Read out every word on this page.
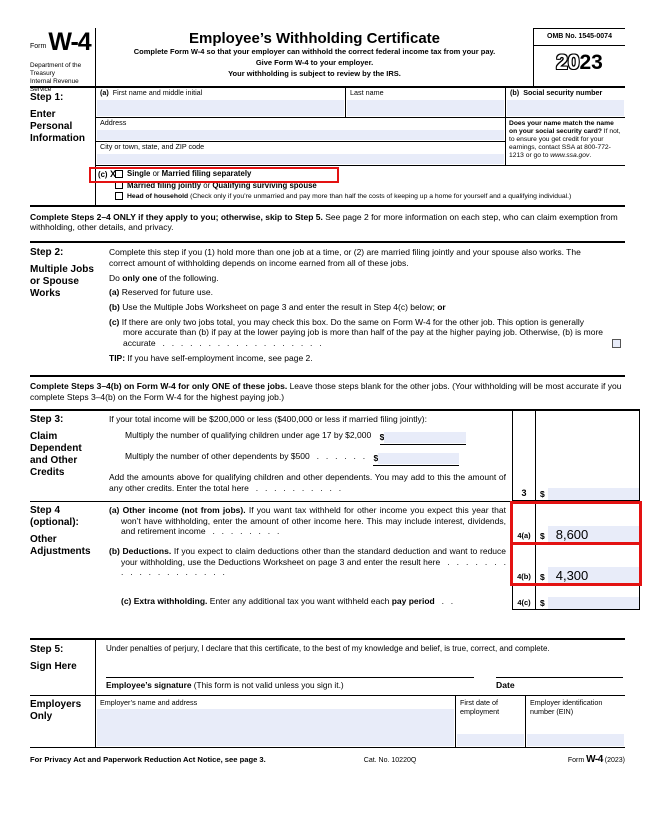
Form W-4
Department of the Treasury
Internal Revenue Service
Employee’s Withholding Certificate
Complete Form W-4 so that your employer can withhold the correct federal income tax from your pay.
Give Form W-4 to your employer.
Your withholding is subject to review by the IRS.
OMB No. 1545-0074
2023
Step 1:
Enter Personal Information
(a) First name and middle initial	Last name	(b) Social security number
Address
City or town, state, and ZIP code
Does your name match the name on your social security card? If not, to ensure you get credit for your earnings, contact SSA at 800-772-1213 or go to www.ssa.gov.
(c) X Single or Married filing separately
Married filing jointly or Qualifying surviving spouse
Head of household (Check only if you’re unmarried and pay more than half the costs of keeping up a home for yourself and a qualifying individual.)

Complete Steps 2–4 ONLY if they apply to you; otherwise, skip to Step 5. See page 2 for more information on each step, who can claim exemption from withholding, other details, and privacy.

Step 2:
Multiple Jobs or Spouse Works

Complete this step if you (1) hold more than one job at a time, or (2) are married filing jointly and your spouse also works. The correct amount of withholding depends on income earned from all of these jobs.

Do only one of the following.

(a) Reserved for future use.

(b) Use the Multiple Jobs Worksheet on page 3 and enter the result in Step 4(c) below; or

(c) If there are only two jobs total, you may check this box. Do the same on Form W-4 for the other job. This option is generally more accurate than (b) if pay at the lower paying job is more than half of the pay at the higher paying job. Otherwise, (b) is more accurate . . . . . . . . . . . . . . . . . .

TIP: If you have self-employment income, see page 2.

Complete Steps 3–4(b) on Form W-4 for only ONE of these jobs. Leave those steps blank for the other jobs. (Your withholding will be most accurate if you complete Steps 3–4(b) on the Form W-4 for the highest paying job.)

Step 3:
Claim Dependent and Other Credits
If your total income will be $200,000 or less ($400,000 or less if married filing jointly):
Multiply the number of qualifying children under age 17 by $2,000 $
Multiply the number of other dependents by $500 . . . . . . $
Add the amounts above for qualifying children and other dependents. You may add to this the amount of any other credits. Enter the total here . . . . . . . . . .
3	$
Step 4
(optional):
Other Adjustments
(a) Other income (not from jobs). If you want tax withheld for other income you expect this year that won’t have withholding, enter the amount of other income here. This may include interest, dividends, and retirement income . . . . . . . .	4(a)	$ 8,600
(b) Deductions. If you expect to claim deductions other than the standard deduction and want to reduce your withholding, use the Deductions Worksheet on page 3 and enter the result here . . . . . . . . . . . . . . . . . . .	4(b)	$ 4,300
(c) Extra withholding. Enter any additional tax you want withheld each pay period . .	4(c)	$
Step 5:
Sign Here
Under penalties of perjury, I declare that this certificate, to the best of my knowledge and belief, is true, correct, and complete.
Employee’s signature (This form is not valid unless you sign it.)	Date
Employers Only
Employer’s name and address	First date of employment
Employer identification number (EIN)
For Privacy Act and Paperwork Reduction Act Notice, see page 3.	Cat. No. 10220Q	Form W-4 (2023)
